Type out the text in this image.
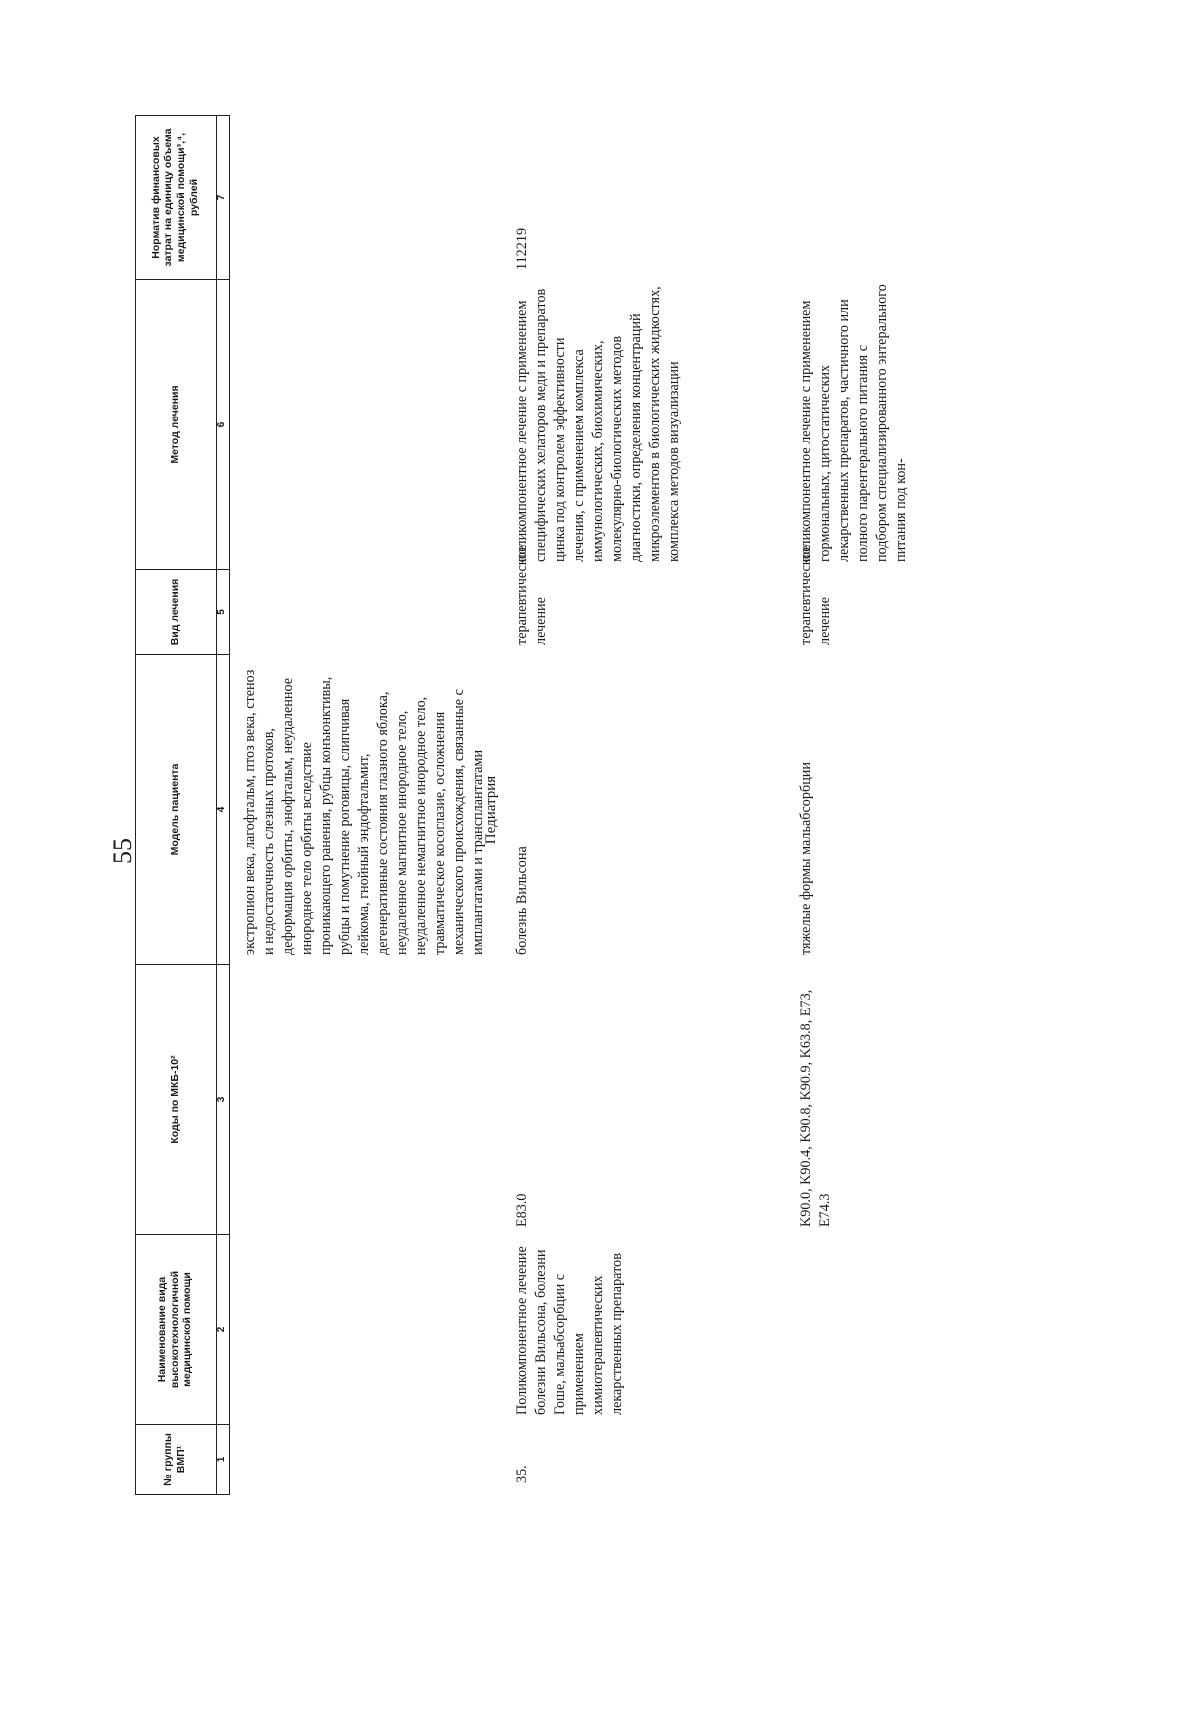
55
№ группы ВМП¹
Наименование вида высокотехнологичной медицинской помощи
Коды по МКБ-10²
Модель пациента
Вид лечения
Метод лечения
Норматив финансовых затрат на единицу объема медицинской помощи³,⁴, рублей
1
2
3
4
5
6
7
экстропион века, лагофтальм, птоз века, стеноз и недостаточность слезных протоков, деформация орбиты, энофтальм, неудаленное инородное тело орбиты вследствие проникающего ранения, рубцы конъюнктивы, рубцы и помутнение роговицы, слипчивая лейкома, гнойный эндофтальмит, дегенеративные состояния глазного яблока, неудаленное магнитное инородное тело, неудаленное немагнитное инородное тело, травматическое косоглазие, осложнения механического происхождения, связанные с имплантатами и трансплантатами
Педиатрия
35.
Поликомпонентное лечение болезни Вильсона, болезни Гоше, мальабсорбции с применением химиотерапевтических лекарственных препаратов
E83.0
болезнь Вильсона
терапевтическое лечение
поликомпонентное лечение с применением специфических хелаторов меди и препаратов цинка под контролем эффективности лечения, с применением комплекса иммунологических, биохимических, молекулярно-биологических методов диагностики, определения концентраций микроэлементов в биологических жидкостях, комплекса методов визуализации
112219
K90.0, K90.4, K90.8, K90.9, K63.8, E73, E74.3
тяжелые формы мальабсорбции
терапевтическое лечение
поликомпонентное лечение с применением гормональных, цитостатических лекарственных препаратов, частичного или полного парентерального питания с подбором специализированного энтерального питания под кон-
